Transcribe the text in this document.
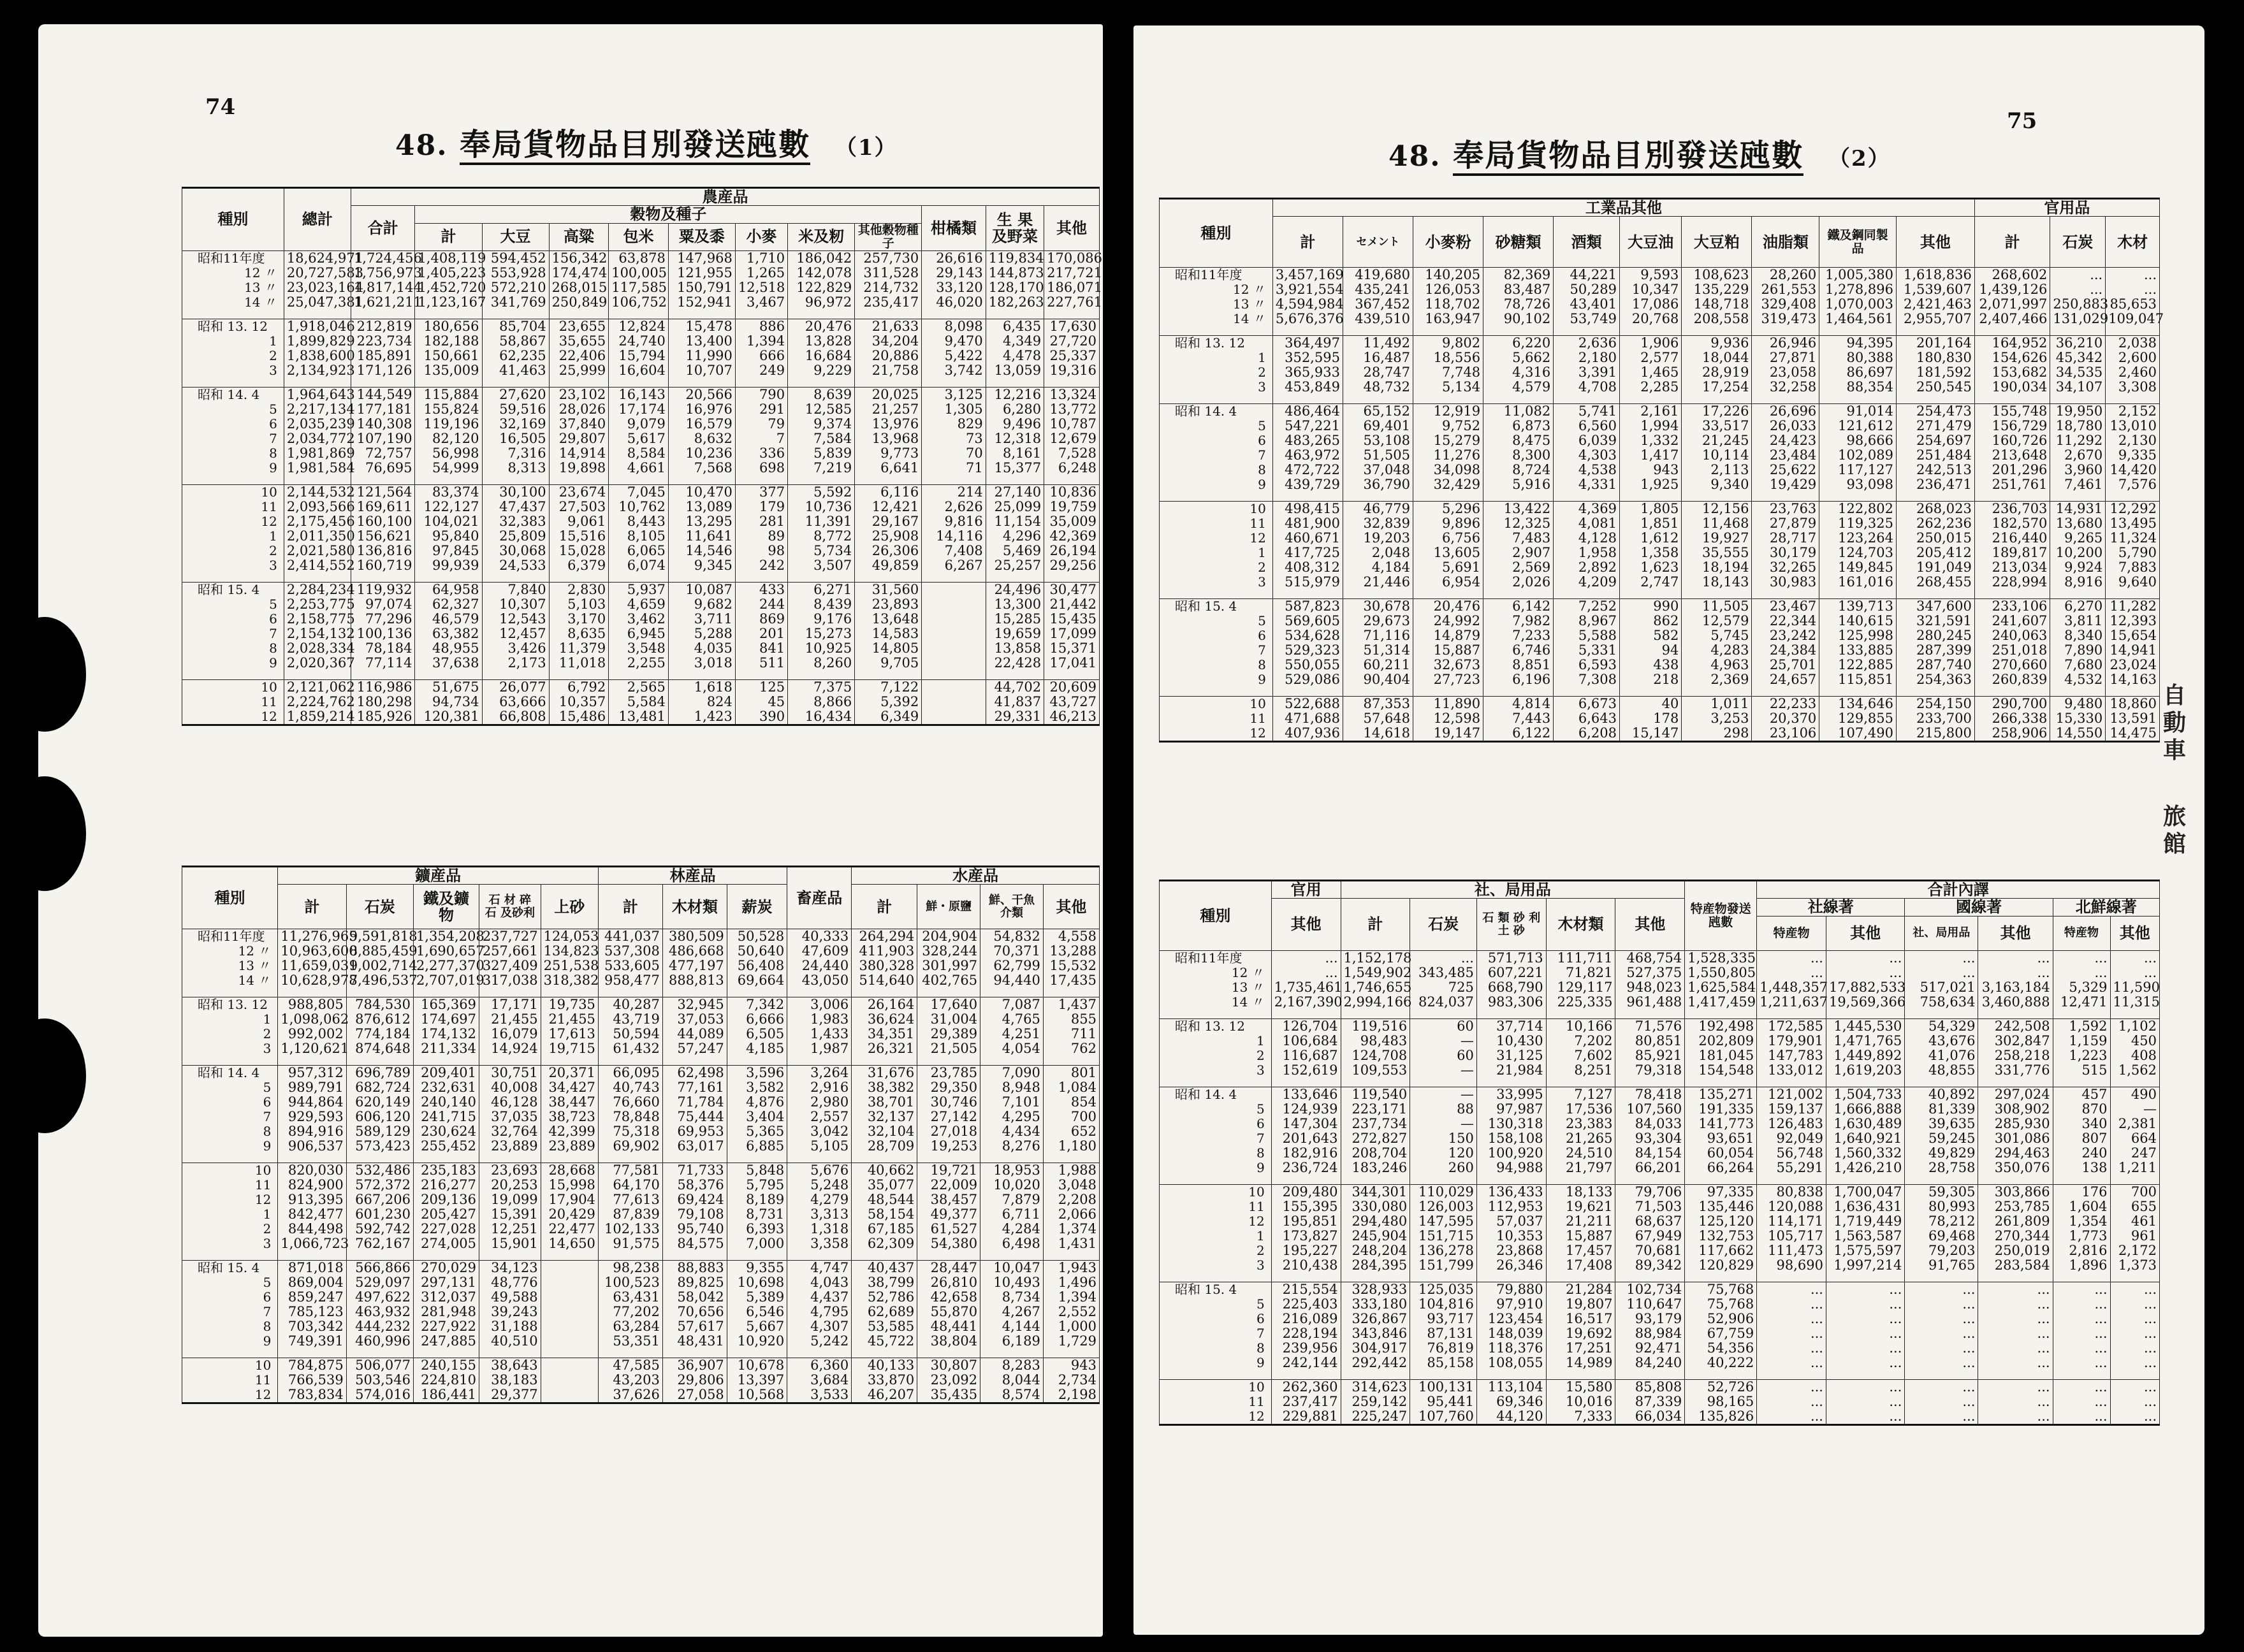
74
48. 奉局貨物品目別發送瓲數 （1）
種別	總計	農産品											
		合計	穀物及種子								柑橘類	生 果 及野菜	其他
			計	大豆	高粱	包米	粟及黍	小麥	米及籾	其他穀物種子			
昭和11年度	18,624,971	1,724,456	1,408,119	594,452	156,342	63,878	147,968	1,710	186,042	257,730	26,616	119,834	170,086
12 〃	20,727,583	1,756,973	1,405,223	553,928	174,474	100,005	121,955	1,265	142,078	311,528	29,143	144,873	217,721
13 〃	23,023,164	1,817,144	1,452,720	572,210	268,015	117,585	150,791	12,518	122,829	214,732	33,120	128,170	186,071
14 〃	25,047,381	1,621,211	1,123,167	341,769	250,849	106,752	152,941	3,467	96,972	235,417	46,020	182,263	227,761

昭和 13. 12	1,918,046	212,819	180,656	85,704	23,655	12,824	15,478	886	20,476	21,633	8,098	6,435	17,630
1	1,899,829	223,734	182,188	58,867	35,655	24,740	13,400	1,394	13,828	34,204	9,470	4,349	27,720
2	1,838,600	185,891	150,661	62,235	22,406	15,794	11,990	666	16,684	20,886	5,422	4,478	25,337
3	2,134,923	171,126	135,009	41,463	25,999	16,604	10,707	249	9,229	21,758	3,742	13,059	19,316

昭和 14. 4	1,964,643	144,549	115,884	27,620	23,102	16,143	20,566	790	8,639	20,025	3,125	12,216	13,324
5	2,217,134	177,181	155,824	59,516	28,026	17,174	16,976	291	12,585	21,257	1,305	6,280	13,772
6	2,035,239	140,308	119,196	32,169	37,840	9,079	16,579	79	9,374	13,976	829	9,496	10,787
7	2,034,772	107,190	82,120	16,505	29,807	5,617	8,632	7	7,584	13,968	73	12,318	12,679
8	1,981,869	72,757	56,998	7,316	14,914	8,584	10,236	336	5,839	9,773	70	8,161	7,528
9	1,981,584	76,695	54,999	8,313	19,898	4,661	7,568	698	7,219	6,641	71	15,377	6,248

10	2,144,532	121,564	83,374	30,100	23,674	7,045	10,470	377	5,592	6,116	214	27,140	10,836
11	2,093,566	169,611	122,127	47,437	27,503	10,762	13,089	179	10,736	12,421	2,626	25,099	19,759
12	2,175,456	160,100	104,021	32,383	9,061	8,443	13,295	281	11,391	29,167	9,816	11,154	35,009
1	2,011,350	156,621	95,840	25,809	15,516	8,105	11,641	89	8,772	25,908	14,116	4,296	42,369
2	2,021,580	136,816	97,845	30,068	15,028	6,065	14,546	98	5,734	26,306	7,408	5,469	26,194
3	2,414,552	160,719	99,939	24,533	6,379	6,074	9,345	242	3,507	49,859	6,267	25,257	29,256

昭和 15. 4	2,284,234	119,932	64,958	7,840	2,830	5,937	10,087	433	6,271	31,560		24,496	30,477
5	2,253,775	97,074	62,327	10,307	5,103	4,659	9,682	244	8,439	23,893		13,300	21,442
6	2,158,775	77,296	46,579	12,543	3,170	3,462	3,711	869	9,176	13,648		15,285	15,435
7	2,154,132	100,136	63,382	12,457	8,635	6,945	5,288	201	15,273	14,583		19,659	17,099
8	2,028,334	78,184	48,955	3,426	11,379	3,548	4,035	841	10,925	14,805		13,858	15,371
9	2,020,367	77,114	37,638	2,173	11,018	2,255	3,018	511	8,260	9,705		22,428	17,041

10	2,121,062	116,986	51,675	26,077	6,792	2,565	1,618	125	7,375	7,122		44,702	20,609
11	2,224,762	180,298	94,734	63,666	10,357	5,584	824	45	8,866	5,392		41,837	43,727
12	1,859,214	185,926	120,381	66,808	15,486	13,481	1,423	390	16,434	6,349		29,331	46,213
種別	鑛産品					林産品			畜産品	水産品			
	計	石炭	鐵及鑛物	石 材 碎 石 及砂利	上砂	計	木材類	薪炭		計	鮮・原鹽	鮮、干魚介類	其他
昭和11年度	11,276,965	9,591,818	1,354,208	237,727	124,053	441,037	380,509	50,528	40,333	264,294	204,904	54,832	4,558
12 〃	10,963,600	8,885,459	1,690,657	257,661	134,823	537,308	486,668	50,640	47,609	411,903	328,244	70,371	13,288
13 〃	11,659,031	9,002,714	2,277,370	327,409	251,538	533,605	477,197	56,408	24,440	380,328	301,997	62,799	15,532
14 〃	10,628,978	7,496,537	2,707,019	317,038	318,382	958,477	888,813	69,664	43,050	514,640	402,765	94,440	17,435

昭和 13. 12	988,805	784,530	165,369	17,171	19,735	40,287	32,945	7,342	3,006	26,164	17,640	7,087	1,437
1	1,098,062	876,612	174,697	21,455	21,455	43,719	37,053	6,666	1,983	36,624	31,004	4,765	855
2	992,002	774,184	174,132	16,079	17,613	50,594	44,089	6,505	1,433	34,351	29,389	4,251	711
3	1,120,621	874,648	211,334	14,924	19,715	61,432	57,247	4,185	1,987	26,321	21,505	4,054	762

昭和 14. 4	957,312	696,789	209,401	30,751	20,371	66,095	62,498	3,596	3,264	31,676	23,785	7,090	801
5	989,791	682,724	232,631	40,008	34,427	40,743	77,161	3,582	2,916	38,382	29,350	8,948	1,084
6	944,864	620,149	240,140	46,128	38,447	76,660	71,784	4,876	2,980	38,701	30,746	7,101	854
7	929,593	606,120	241,715	37,035	38,723	78,848	75,444	3,404	2,557	32,137	27,142	4,295	700
8	894,916	589,129	230,624	32,764	42,399	75,318	69,953	5,365	3,042	32,104	27,018	4,434	652
9	906,537	573,423	255,452	23,889	23,889	69,902	63,017	6,885	5,105	28,709	19,253	8,276	1,180

10	820,030	532,486	235,183	23,693	28,668	77,581	71,733	5,848	5,676	40,662	19,721	18,953	1,988
11	824,900	572,372	216,277	20,253	15,998	64,170	58,376	5,795	5,248	35,077	22,009	10,020	3,048
12	913,395	667,206	209,136	19,099	17,904	77,613	69,424	8,189	4,279	48,544	38,457	7,879	2,208
1	842,477	601,230	205,427	15,391	20,429	87,839	79,108	8,731	3,313	58,154	49,377	6,711	2,066
2	844,498	592,742	227,028	12,251	22,477	102,133	95,740	6,393	1,318	67,185	61,527	4,284	1,374
3	1,066,723	762,167	274,005	15,901	14,650	91,575	84,575	7,000	3,358	62,309	54,380	6,498	1,431

昭和 15. 4	871,018	566,866	270,029	34,123		98,238	88,883	9,355	4,747	40,437	28,447	10,047	1,943
5	869,004	529,097	297,131	48,776		100,523	89,825	10,698	4,043	38,799	26,810	10,493	1,496
6	859,247	497,622	312,037	49,588		63,431	58,042	5,389	4,437	52,786	42,658	8,734	1,394
7	785,123	463,932	281,948	39,243		77,202	70,656	6,546	4,795	62,689	55,870	4,267	2,552
8	703,342	444,232	227,922	31,188		63,284	57,617	5,667	4,307	53,585	48,441	4,144	1,000
9	749,391	460,996	247,885	40,510		53,351	48,431	10,920	5,242	45,722	38,804	6,189	1,729

10	784,875	506,077	240,155	38,643		47,585	36,907	10,678	6,360	40,133	30,807	8,283	943
11	766,539	503,546	224,810	38,183		43,203	29,806	13,397	3,684	33,870	23,092	8,044	2,734
12	783,834	574,016	186,441	29,377		37,626	27,058	10,568	3,533	46,207	35,435	8,574	2,198
75
48. 奉局貨物品目別發送瓲數 （2）
自動車
旅館
種別	工業品其他										官用品		
	計	セメント	小麥粉	砂糖類	酒類	大豆油	大豆粕	油脂類	鐵及鋼同製品	其他	計	石炭	木材
昭和11年度	3,457,169	419,680	140,205	82,369	44,221	9,593	108,623	28,260	1,005,380	1,618,836	268,602	...	...
12 〃	3,921,554	435,241	126,053	83,487	50,289	10,347	135,229	261,553	1,278,896	1,539,607	1,439,126	...	...
13 〃	4,594,984	367,452	118,702	78,726	43,401	17,086	148,718	329,408	1,070,003	2,421,463	2,071,997	250,883	85,653
14 〃	5,676,376	439,510	163,947	90,102	53,749	20,768	208,558	319,473	1,464,561	2,955,707	2,407,466	131,029	109,047

昭和 13. 12	364,497	11,492	9,802	6,220	2,636	1,906	9,936	26,946	94,395	201,164	164,952	36,210	2,038
1	352,595	16,487	18,556	5,662	2,180	2,577	18,044	27,871	80,388	180,830	154,626	45,342	2,600
2	365,933	28,747	7,748	4,316	3,391	1,465	28,919	23,058	86,697	181,592	153,682	34,535	2,460
3	453,849	48,732	5,134	4,579	4,708	2,285	17,254	32,258	88,354	250,545	190,034	34,107	3,308

昭和 14. 4	486,464	65,152	12,919	11,082	5,741	2,161	17,226	26,696	91,014	254,473	155,748	19,950	2,152
5	547,221	69,401	9,752	6,873	6,560	1,994	33,517	26,033	121,612	271,479	156,729	18,780	13,010
6	483,265	53,108	15,279	8,475	6,039	1,332	21,245	24,423	98,666	254,697	160,726	11,292	2,130
7	463,972	51,505	11,276	8,300	4,303	1,417	10,114	23,484	102,089	251,484	213,648	2,670	9,335
8	472,722	37,048	34,098	8,724	4,538	943	2,113	25,622	117,127	242,513	201,296	3,960	14,420
9	439,729	36,790	32,429	5,916	4,331	1,925	9,340	19,429	93,098	236,471	251,761	7,461	7,576

10	498,415	46,779	5,296	13,422	4,369	1,805	12,156	23,763	122,802	268,023	236,703	14,931	12,292
11	481,900	32,839	9,896	12,325	4,081	1,851	11,468	27,879	119,325	262,236	182,570	13,680	13,495
12	460,671	19,203	6,756	7,483	4,128	1,612	19,927	28,717	123,264	250,015	216,440	9,265	11,324
1	417,725	2,048	13,605	2,907	1,958	1,358	35,555	30,179	124,703	205,412	189,817	10,200	5,790
2	408,312	4,184	5,691	2,569	2,892	1,623	18,194	32,265	149,845	191,049	213,034	9,924	7,883
3	515,979	21,446	6,954	2,026	4,209	2,747	18,143	30,983	161,016	268,455	228,994	8,916	9,640

昭和 15. 4	587,823	30,678	20,476	6,142	7,252	990	11,505	23,467	139,713	347,600	233,106	6,270	11,282
5	569,605	29,673	24,992	7,982	8,967	862	12,579	22,344	140,615	321,591	241,607	3,811	12,393
6	534,628	71,116	14,879	7,233	5,588	582	5,745	23,242	125,998	280,245	240,063	8,340	15,654
7	529,323	51,314	15,887	6,746	5,331	94	4,283	24,384	133,885	287,399	251,018	7,890	14,941
8	550,055	60,211	32,673	8,851	6,593	438	4,963	25,701	122,885	287,740	270,660	7,680	23,024
9	529,086	90,404	27,723	6,196	7,308	218	2,369	24,657	115,851	254,363	260,839	4,532	14,163

10	522,688	87,353	11,890	4,814	6,673	40	1,011	22,233	134,646	254,150	290,700	9,480	18,860
11	471,688	57,648	12,598	7,443	6,643	178	3,253	20,370	129,855	233,700	266,338	15,330	13,591
12	407,936	14,618	19,147	6,122	6,208	15,147	298	23,106	107,490	215,800	258,906	14,550	14,475
種別	官用	社、局用品					特産物發送瓲數	合計內譯					
	其他	計	石炭	石 類 砂 利 土 砂	木材類	其他		社線著		國線著		北鮮線著	
								特産物	其他	社、局用品	其他	特産物	其他
昭和11年度	...	1,152,178	...	571,713	111,711	468,754	1,528,335	...	...	...	...	...	...
12 〃	...	1,549,902	343,485	607,221	71,821	527,375	1,550,805	...	...	...	...	...	...
13 〃	1,735,461	1,746,655	725	668,790	129,117	948,023	1,625,584	1,448,357	17,882,533	517,021	3,163,184	5,329	11,590
14 〃	2,167,390	2,994,166	824,037	983,306	225,335	961,488	1,417,459	1,211,637	19,569,366	758,634	3,460,888	12,471	11,315

昭和 13. 12	126,704	119,516	60	37,714	10,166	71,576	192,498	172,585	1,445,530	54,329	242,508	1,592	1,102
1	106,684	98,483	—	10,430	7,202	80,851	202,809	179,901	1,471,765	43,676	302,847	1,159	450
2	116,687	124,708	60	31,125	7,602	85,921	181,045	147,783	1,449,892	41,076	258,218	1,223	408
3	152,619	109,553	—	21,984	8,251	79,318	154,548	133,012	1,619,203	48,855	331,776	515	1,562

昭和 14. 4	133,646	119,540	—	33,995	7,127	78,418	135,271	121,002	1,504,733	40,892	297,024	457	490
5	124,939	223,171	88	97,987	17,536	107,560	191,335	159,137	1,666,888	81,339	308,902	870	—
6	147,304	237,734	—	130,318	23,383	84,033	141,773	126,483	1,630,489	39,635	285,930	340	2,381
7	201,643	272,827	150	158,108	21,265	93,304	93,651	92,049	1,640,921	59,245	301,086	807	664
8	182,916	208,704	120	100,920	24,510	84,154	60,054	56,748	1,560,332	49,829	294,463	240	247
9	236,724	183,246	260	94,988	21,797	66,201	66,264	55,291	1,426,210	28,758	350,076	138	1,211

10	209,480	344,301	110,029	136,433	18,133	79,706	97,335	80,838	1,700,047	59,305	303,866	176	700
11	155,395	330,080	126,003	112,953	19,621	71,503	135,446	120,088	1,636,431	80,993	253,785	1,604	655
12	195,851	294,480	147,595	57,037	21,211	68,637	125,120	114,171	1,719,449	78,212	261,809	1,354	461
1	173,827	245,904	151,715	10,353	15,887	67,949	132,753	105,717	1,563,587	69,468	270,344	1,773	961
2	195,227	248,204	136,278	23,868	17,457	70,681	117,662	111,473	1,575,597	79,203	250,019	2,816	2,172
3	210,438	284,395	151,799	26,346	17,408	89,342	120,829	98,690	1,997,214	91,765	283,584	1,896	1,373

昭和 15. 4	215,554	328,933	125,035	79,880	21,284	102,734	75,768	...	...	...	...	...	...
5	225,403	333,180	104,816	97,910	19,807	110,647	75,768	...	...	...	...	...	...
6	216,089	326,867	93,717	123,454	16,517	93,179	52,906	...	...	...	...	...	...
7	228,194	343,846	87,131	148,039	19,692	88,984	67,759	...	...	...	...	...	...
8	239,956	304,917	76,819	118,376	17,251	92,471	54,356	...	...	...	...	...	...
9	242,144	292,442	85,158	108,055	14,989	84,240	40,222	...	...	...	...	...	...

10	262,360	314,623	100,131	113,104	15,580	85,808	52,726	...	...	...	...	...	...
11	237,417	259,142	95,441	69,346	10,016	87,339	98,165	...	...	...	...	...	...
12	229,881	225,247	107,760	44,120	7,333	66,034	135,826	...	...	...	...	...	...
